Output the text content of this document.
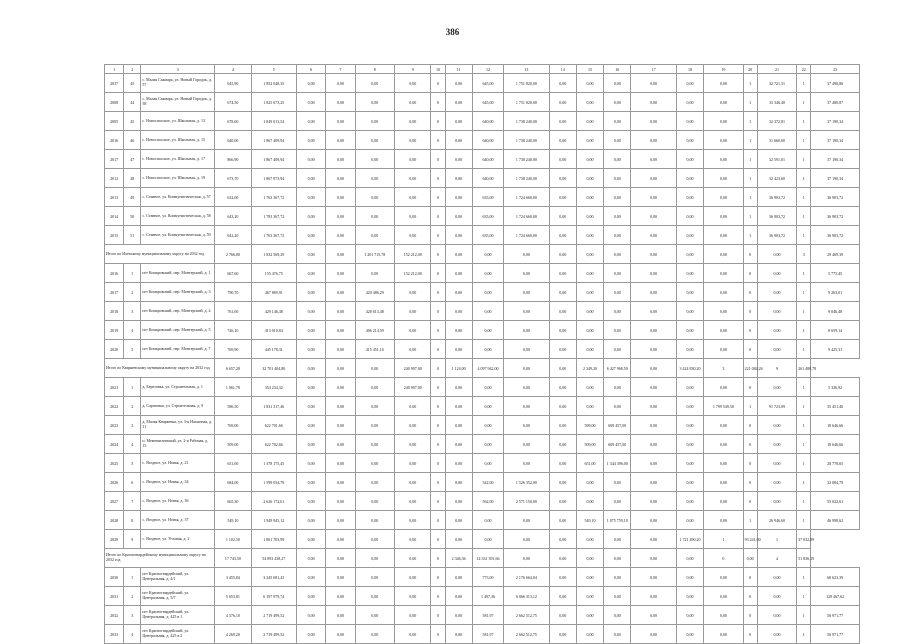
386
1	2	3	4	5	6	7	8	9	10	11	12	13	14	15	16	17	18	19	20	21	22	23
2017	45	с. Малая Сакмара, ул. Новый Городок, д. 57	645,90	1 852 048,35	0,00	0,00	0,00	0,00	0	0,00	645,00	1 751 820,00	0,00	0,00	0,00	0,00	0,00	0,00	1	32 721,31	1	37 490,86
2008	44	с. Малая Сакмара, ул. Новый Городок, д. 58	674,50	1 825 673,25	0,00	0,00	0,00	0,00	0	0,00	645,00	1 751 820,00	0,00	0,00	0,00	0,00	0,00	0,00	1	33 346,40	1	37 480,87
2005	45	с. Новоспасское, ул. Школьная, д. 13	678,60	1 849 013,54	0,00	0,00	0,00	0,00	0	0,00	640,00	1 738 240,00	0,00	0,00	0,00	0,00	0,00	0,00	1	32 372,81	1	37 190,34
2016	46	с. Новоспасское, ул. Школьная, д. 15	640,00	1 867 409,94	0,00	0,00	0,00	0,00	0	0,00	640,00	1 738 240,00	0,00	0,00	0,00	0,00	0,00	0,00	1	31 660,00	1	37 190,34
2017	47	с. Новоспасское, ул. Школьная, д. 17	866,90	1 867 409,94	0,00	0,00	0,00	0,00	0	0,00	640,00	1 738 240,00	0,00	0,00	0,00	0,00	0,00	0,00	1	32 591,01	1	37 190,34
2012	48	с. Новоспасское, ул. Школьная, д. 19	673,70	1 867 873,94	0,00	0,00	0,00	0,00	0	0,00	640,00	1 738 240,00	0,00	0,00	0,00	0,00	0,00	0,00	1	32 423,60	1	37 190,34
2013	49	с. Ставное, ул. Коммунистическая, д. 57	632,00	1 763 367,72	0,00	0,00	0,00	0,00	0	0,00	635,00	1 724 660,00	0,00	0,00	0,00	0,00	0,00	0,00	1	36 903,72	1	36 903,72
2014	50	с. Ставное, ул. Коммунистическая, д. 58	643,20	1 783 367,72	0,00	0,00	0,00	0,00	0	0,00	635,00	1 724 660,00	0,00	0,00	0,00	0,00	0,00	0,00	1	36 903,72	1	36 903,72
2015	51	с. Ставное, ул. Коммунистическая, д. 59	642,20	1 763 367,72	0,00	0,00	0,00	0,00	0	0,00	635,00	1 724 660,00	0,00	0,00	0,00	0,00	0,00	0,00	1	36 903,72	1	36 903,72
Итого по Илекскому муниципальному округу на 2032 год			2 766,80	1 832 569,29	0,00	0,00	1 201 715,78	152 212,00	0	0,00	0,00	0,00	0,00	0,00	0,00	0,00	0,00	0,00	0	0,00	3	29 469,39
2016	1	пгт Комаровский, пер. Монтерский, д. 1	667,60	155 476,75	0,00	0,00	0,00	152 212,00	0	0,00	0,00	0,00	0,00	0,00	0,00	0,00	0,00	0,00	0	0,00	1	5 775,45
2017	2	пгт Комаровский, пер. Монтерский, д. 3	790,70	467 869,91	0,00	0,00	420 486,29	0,00	0	0,00	0,00	0,00	0,00	0,00	0,00	0,00	0,00	0,00	0	0,00	1	9 263,01
2018	3	пгт Комаровский, пер. Монтерский, д. 4	761,00	429 146,48	0,00	0,00	428 613,48	0,00	0	0,00	0,00	0,00	0,00	0,00	0,00	0,00	0,00	0,00	0	0,00	1	9 046,48
2019	4	пгт Комаровский, пер. Монтерский, д. 5	746,10	413 010,84	0,00	0,00	406 214,59	0,00	0	0,00	0,00	0,00	0,00	0,00	0,00	0,00	0,00	0,00	0	0,00	1	8 659,14
2020	5	пгт Комаровский, пер. Монтерский, д. 7	769,90	445 178,31	0,00	0,00	415 451,16	0,00	0	0,00	0,00	0,00	0,00	0,00	0,00	0,00	0,00	0,00	0	0,00	1	9 425,31
Итого по Кваркенскому муниципальному округу на 2032 год			6 657,28	32 701 404,80	0,00	0,00	0,00	240 907,00	0	1 124,00	4 097 942,00	0,00	0,00	2 349,20	6 427 968,50	0,00	3 424 830,20	3	221 084,26	9	261 480,78	
2021	1	д. Березовка, ул. Строительная, д. 1	1 061,70	354 234,32	0,00	0,00	0,00	240 907,00	0	0,00	0,00	0,00	0,00	0,00	0,00	0,00	0,00	0,00	0	0,00	1	5 336,92
2022	2	д. Саратовка, ул. Строительная, д. 9	586,50	1 831 317,46	0,00	0,00	0,00	0,00	0	0,00	0,00	0,00	0,00	0,00	0,00	0,00	0,00	1 799 549,50	1	91 723,09	1	35 451,40
2023	3	д. Малая Кваркенка, ул. 3-я Насыпная, д. 11	769,00	622 701,66	0,00	0,00	0,00	0,00	0	0,00	0,00	0,00	0,00	599,00	609 457,00	0,00	0,00	0,00	0	0,00	1	18 646,66
2024	4	п. Мемешилинский, ул. 2-я Рабочая, д. 15	509,00	622 702,66	0,00	0,00	0,00	0,00	0	0,00	0,00	0,00	0,00	509,00	609 457,00	0,00	0,00	0,00	0	0,00	1	18 646,66
2025	5	с. Ягодное, ул. Новая, д. 21	651,00	1 378 175,45	0,00	0,00	0,00	0,00	0	0,00	0,00	0,00	0,00	651,00	1 344 396,00	0,00	0,00	0,00	0	0,00	1	28 778,65
2026	6	с. Ягодное, ул. Новая, д. 34	684,00	1 599 034,79	0,00	0,00	0,00	0,00	0	0,00	542,00	1 526 352,00	0,00	0,00	0,00	0,00	0,00	0,00	0	0,00	1	32 084,79
2027	7	с. Ягодное, ул. Новая, д. 36	665,30	2 626 172,61	0,00	0,00	0,00	0,00	0	0,00	562,00	2 571 150,00	0,00	0,00	0,00	0,00	0,00	0,00	0	0,00	1	55 022,61
2028	8	с. Ягодное, ул. Новая, д. 37	549,10	1 949 945,12	0,00	0,00	0,00	0,00	0	0,00	0,00	0,00	0,00	549,10	1 875 759,10	0,00	0,00	0,00	1	26 946,60	1	46 998,62
2029	9	с. Ягодное, ул. Угловая, д. 2	1 102,50	1 861 703,99	0,00	0,00	0,00	0,00	0	0,00	0,00	0,00	0,00	0,00	0,00	0,00	1 721 490,20	1	93 241,00	1	37 032,89	
Итого по Красногвардейскому муниципальному округу на 2032 год			17 743,50	54 893 438,27	0,00	0,00	0,00	0,00	0	2 346,36	14 331 391,66	0,00	0,00	0,00	0,00	0,00	0,00	0	0,00	4	51 836,19	
2030	1	пгт Красногвардейский, ул. Центральная, д. 4/1	3 455,84	3 245 681,43	0,00	0,00	0,00	0,00	0	0,00	773,00	2 176 664,04	0,00	0,00	0,00	0,00	0,00	0,00	0	0,00	1	68 623,39
2031	2	пгт Красногвардейский, ул. Центральная, д. 5/7	5 653,81	6 197 979,74	0,00	0,00	0,00	0,00	0	0,00	1 497,36	6 066 313,12	0,00	0,00	0,00	0,00	0,00	0,00	0	0,00	1	129 467,62
2032	3	пгт Красногвардейский, ул. Центральная, д. 425 в 1	4 376,10	2 719 499,52	0,00	0,00	0,00	0,00	0	0,00	581,97	2 662 512,75	0,00	0,00	0,00	0,00	0,00	0,00	0	0,00	1	56 971,77
2033	4	пгт Красногвардейский, ул. Центральная, д. 425 в 2	4 269,20	2 719 499,52	0,00	0,00	0,00	0,00	0	0,00	581,97	2 662 512,75	0,00	0,00	0,00	0,00	0,00	0,00	0	0,00	1	56 971,77
